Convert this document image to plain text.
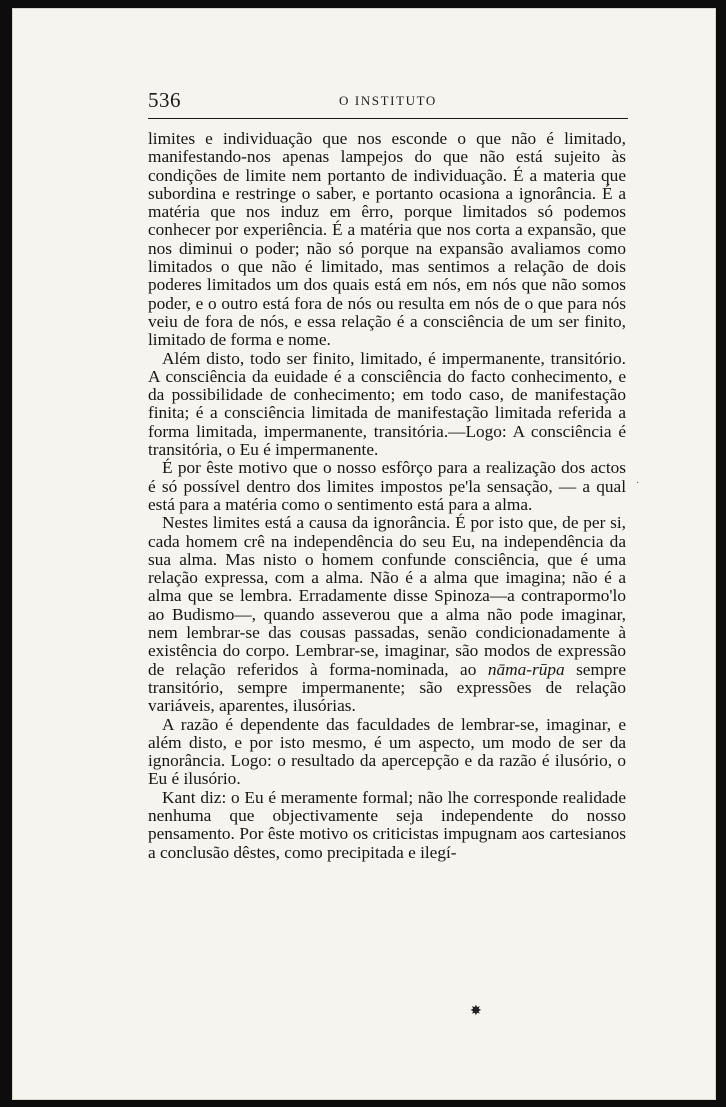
536	O INSTITUTO

limites e individuação que nos esconde o que não é limitado, manifestando-nos apenas lampejos do que não está sujeito às condições de limite nem portanto de individuação. É a materia que subordina e restringe o saber, e portanto ocasiona a ignorância. É a matéria que nos induz em êrro, porque limitados só podemos conhecer por experiência. É a matéria que nos corta a expansão, que nos diminui o poder; não só porque na expansão avaliamos como limitados o que não é limitado, mas sentimos a relação de dois poderes limitados um dos quais está em nós, em nós que não somos poder, e o outro está fora de nós ou resulta em nós de o que para nós veiu de fora de nós, e essa relação é a consciência de um ser finito, limitado de forma e nome.

Além disto, todo ser finito, limitado, é impermanente, transitório. A consciência da euidade é a consciência do facto conhecimento, e da possibilidade de conhecimento; em todo caso, de manifestação finita; é a consciência limitada de manifestação limitada referida a forma limitada, impermanente, transitória.—Logo: A consciência é transitória, o Eu é impermanente.

É por êste motivo que o nosso esfôrço para a realização dos actos é só possível dentro dos limites impostos pe'la sensação, — a qual está para a matéria como o sentimento está para a alma.

Nestes limites está a causa da ignorância. É por isto que, de per si, cada homem crê na independência do seu Eu, na independência da sua alma. Mas nisto o homem confunde consciência, que é uma relação expressa, com a alma. Não é a alma que imagina; não é a alma que se lembra. Erradamente disse Spinoza—a contrapormo'lo ao Budismo—, quando asseverou que a alma não pode imaginar, nem lembrar-se das cousas passadas, senão condicionadamente à existência do corpo. Lembrar-se, imaginar, são modos de expressão de relação referidos à forma-nominada, ao nāma-rūpa sempre transitório, sempre impermanente; são expressões de relação variáveis, aparentes, ilusórias.

A razão é dependente das faculdades de lembrar-se, imaginar, e além disto, e por isto mesmo, é um aspecto, um modo de ser da ignorância. Logo: o resultado da apercepção e da razão é ilusório, o Eu é ilusório.

Kant diz: o Eu é meramente formal; não lhe corresponde realidade nenhuma que objectivamente seja independente do nosso pensamento. Por êste motivo os criticistas impugnam aos cartesianos a conclusão dêstes, como precipitada e ilegí-

·
✸
